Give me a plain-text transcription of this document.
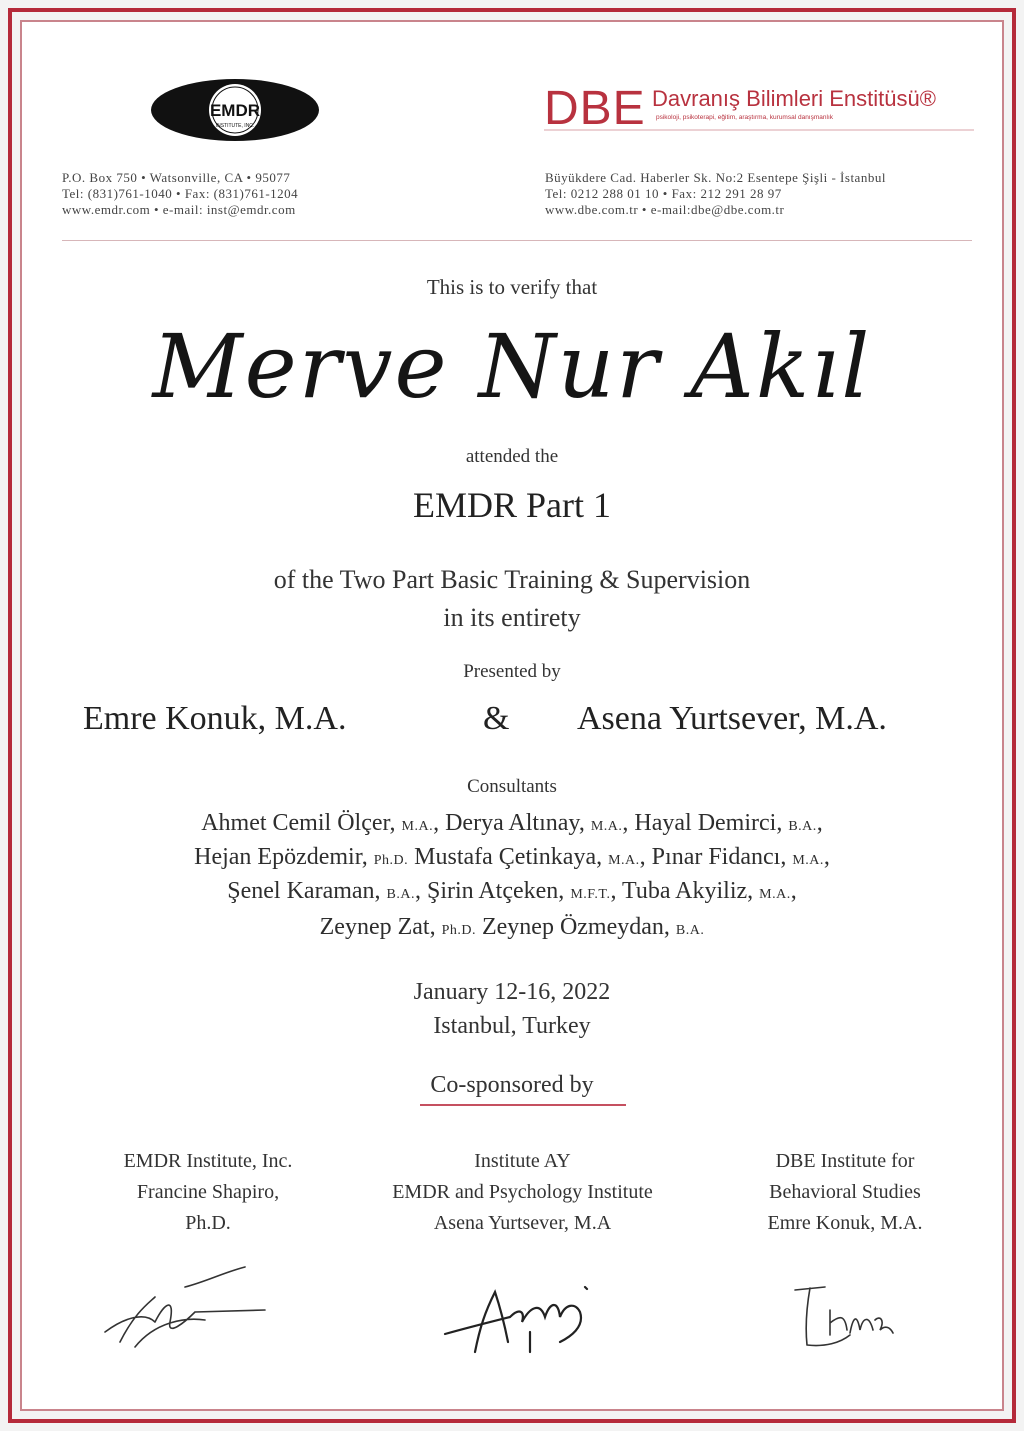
EMDR
INSTITUTE, INC.	DBE Davranış Bilimleri Enstitüsü®
psikoloji, psikoterapi, eğitim, araştırma, kurumsal danışmanlık
P.O. Box 750 • Watsonville, CA • 95077
Tel: (831)761-1040 • Fax: (831)761-1204
www.emdr.com • e-mail: inst@emdr.com
Büyükdere Cad. Haberler Sk. No:2 Esentepe Şişli - İstanbul
Tel: 0212 288 01 10 • Fax: 212 291 28 97
www.dbe.com.tr • e-mail:dbe@dbe.com.tr
This is to verify that
Merve Nur Akıl
attended the
EMDR Part 1
of the Two Part Basic Training & Supervision
in its entirety
Presented by
Emre Konuk, M.A.	& Asena Yurtsever, M.A.
Consultants
Ahmet Cemil Ölçer, M.A., Derya Altınay, M.A., Hayal Demirci, B.A.,
Hejan Epözdemir, Ph.D. Mustafa Çetinkaya, M.A., Pınar Fidancı, M.A.,
Şenel Karaman, B.A., Şirin Atçeken, M.F.T., Tuba Akyiliz, M.A.,
Zeynep Zat, Ph.D. Zeynep Özmeydan, B.A.
January 12-16, 2022
Istanbul, Turkey
Co-sponsored by
EMDR Institute, Inc.
Francine Shapiro,
Ph.D.
Institute AY
EMDR and Psychology Institute
Asena Yurtsever, M.A
DBE Institute for
Behavioral Studies
Emre Konuk, M.A.
